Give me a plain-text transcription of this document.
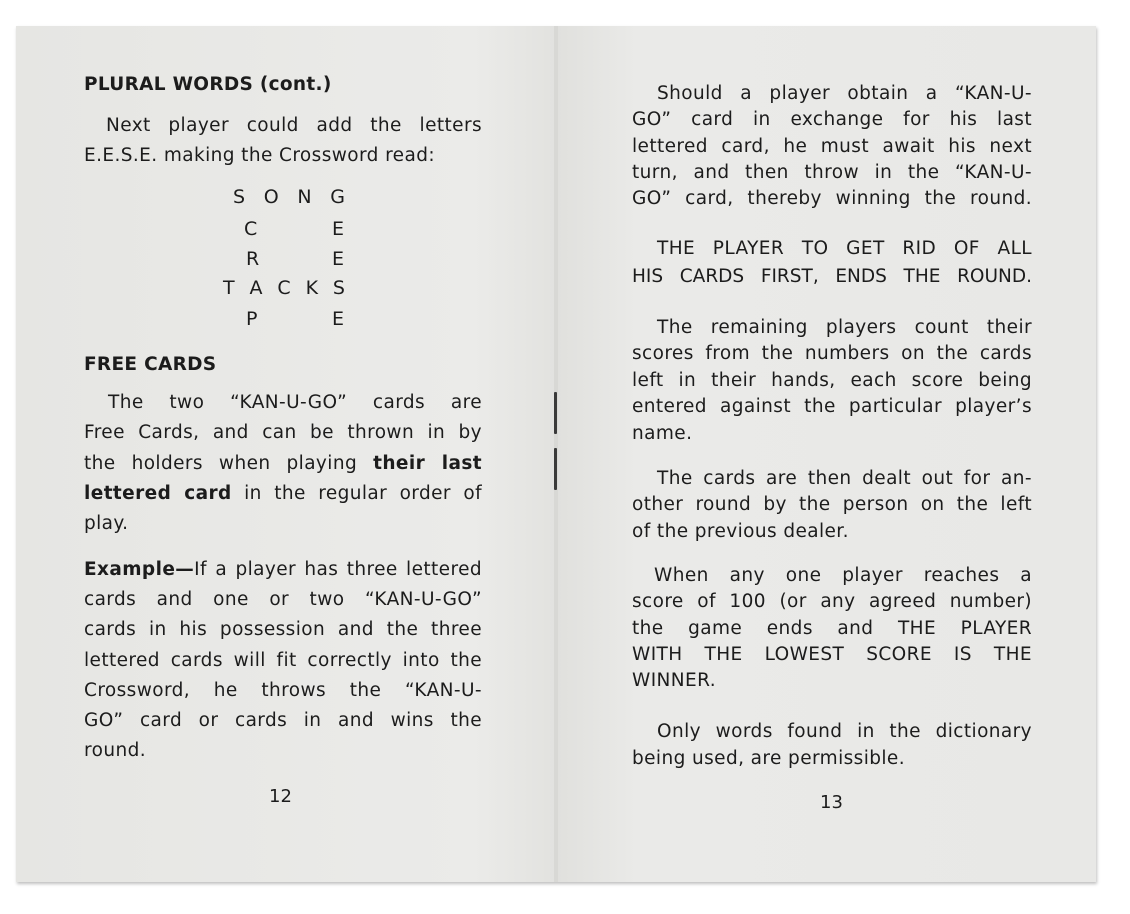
PLURAL WORDS (cont.)
Next player could add the letters
E.E.S.E. making the Crossword read:
S O N G
C	E
R	E
T A C K S
P	E
FREE CARDS
The two “KAN-U-GO” cards are
Free Cards, and can be thrown in by
the holders when playing their last
lettered card in the regular order of
play.
Example—If a player has three lettered
cards and one or two “KAN-U-GO”
cards in his possession and the three
lettered cards will fit correctly into the
Crossword, he throws the “KAN-U-
GO” card or cards in and wins the
round.
12
Should a player obtain a “KAN-U-
GO” card in exchange for his last
lettered card, he must await his next
turn, and then throw in the “KAN-U-
GO” card, thereby winning the round.
THE PLAYER TO GET RID OF ALL
HIS CARDS FIRST, ENDS THE ROUND.
The remaining players count their
scores from the numbers on the cards
left in their hands, each score being
entered against the particular player’s
name.
The cards are then dealt out for an-
other round by the person on the left
of the previous dealer.
When any one player reaches a
score of 100 (or any agreed number)
the game ends and THE PLAYER
WITH THE LOWEST SCORE IS THE
WINNER.
Only words found in the dictionary
being used, are permissible.
13
